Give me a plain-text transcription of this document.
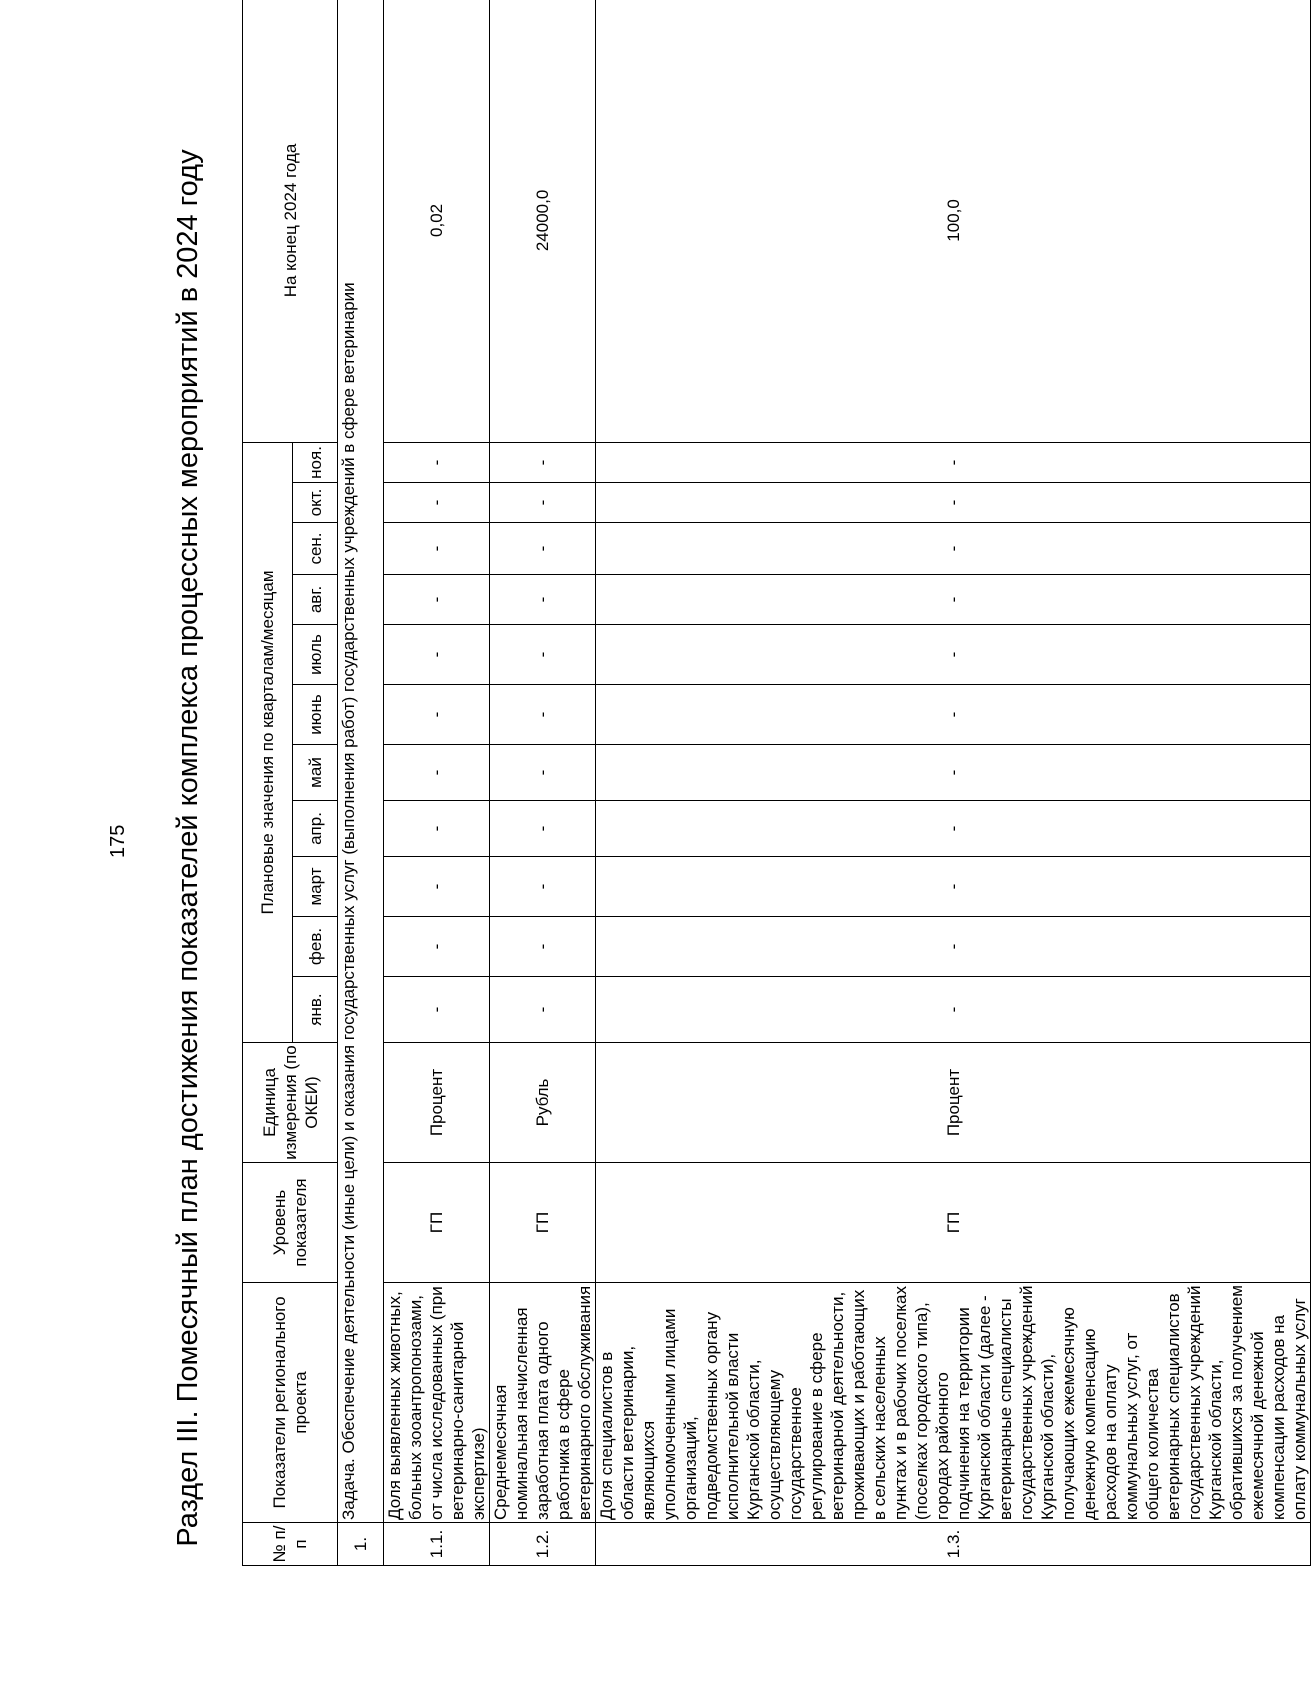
175 Раздел III. Помесячный план достижения показателей комплекса процессных мероприятий в 2024 году	№ п/п	Показатели регионального проекта	Уровень показателя	Единица измерения (по ОКЕИ)	Плановые значения по кварталам/месяцам											На конец 2024 года
				янв.	фев.	март	апр.	май	июнь	июль	авг.	сен.	окт.	ноя.	
1.	Задача. Обеспечение деятельности (иные цели) и оказания государственных услуг (выполнения работ) государственных учреждений в сфере ветеринарии														
1.1.	Доля выявленных животных, больных зооантропонозами, от числа исследованных (при ветеринарно-санитарной экспертизе)	ГП	Процент	-	-	-	-	-	-	-	-	-	-	-	0,02
1.2.	Среднемесячная номинальная начисленная заработная плата одного работника в сфере ветеринарного обслуживания	ГП	Рубль	-	-	-	-	-	-	-	-	-	-	-	24000,0
1.3.	Доля специалистов в области ветеринарии, являющихся уполномоченными лицами организаций, подведомственных органу исполнительной власти Курганской области, осуществляющему государственное регулирование в сфере ветеринарной деятельности, проживающих и работающих в сельских населенных пунктах и в рабочих поселках (поселках городского типа), городах районного подчинения на территории Курганской области (далее - ветеринарные специалисты государственных учреждений Курганской области), получающих ежемесячную денежную компенсацию расходов на оплату коммунальных услуг, от общего количества ветеринарных специалистов государственных учреждений Курганской области, обратившихся за получением ежемесячной денежной компенсации расходов на оплату коммунальных услуг	ГП	Процент	-	-	-	-	-	-	-	-	-	-	-	100,0
